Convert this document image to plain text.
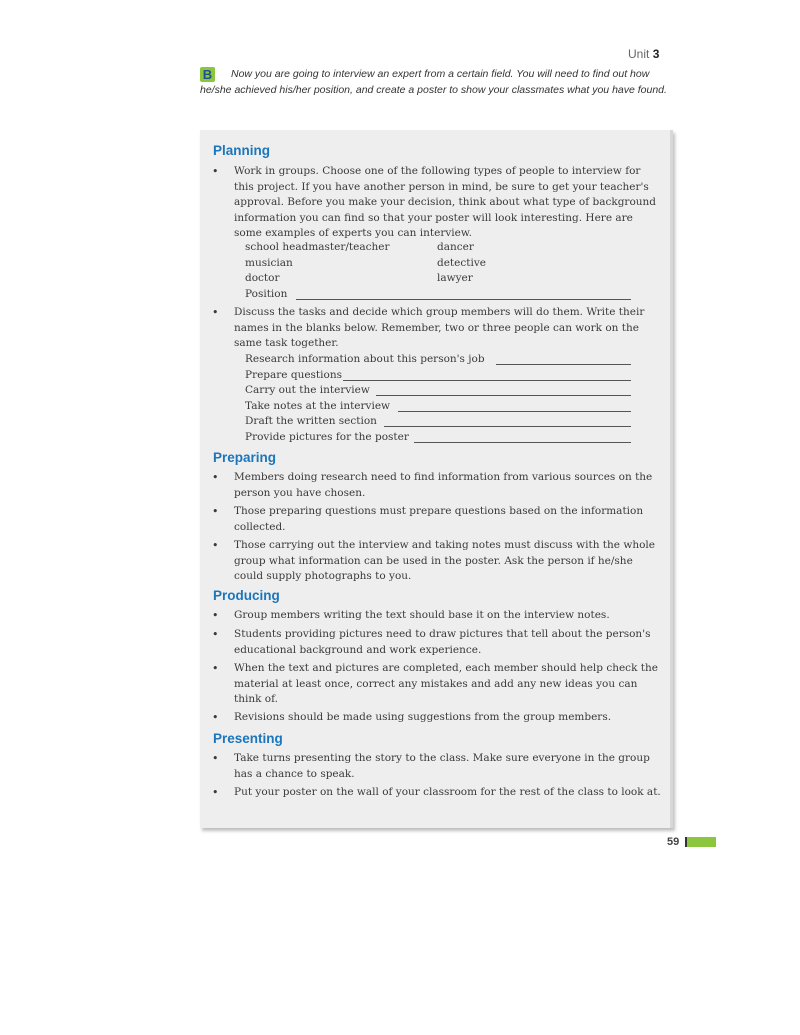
Unit 3
B Now you are going to interview an expert from a certain field. You will need to find out how he/she achieved his/her position, and create a poster to show your classmates what you have found.
Planning
• Work in groups. Choose one of the following types of people to interview for this project. If you have another person in mind, be sure to get your teacher's approval. Before you make your decision, think about what type of background information you can find so that your poster will look interesting. Here are some examples of experts you can interview.
school headmaster/teacher
musician
doctor
dancer
detective
lawyer
Position
• Discuss the tasks and decide which group members will do them. Write their names in the blanks below. Remember, two or three people can work on the same task together.
Research information about this person's job
Prepare questions
Carry out the interview
Take notes at the interview
Draft the written section
Provide pictures for the poster
Preparing
• Members doing research need to find information from various sources on the person you have chosen.
• Those preparing questions must prepare questions based on the information collected.
• Those carrying out the interview and taking notes must discuss with the whole group what information can be used in the poster. Ask the person if he/she could supply photographs to you.
Producing
• Group members writing the text should base it on the interview notes.
• Students providing pictures need to draw pictures that tell about the person's educational background and work experience.
• When the text and pictures are completed, each member should help check the material at least once, correct any mistakes and add any new ideas you can think of.
• Revisions should be made using suggestions from the group members.
Presenting
• Take turns presenting the story to the class. Make sure everyone in the group has a chance to speak.
• Put your poster on the wall of your classroom for the rest of the class to look at.
59
